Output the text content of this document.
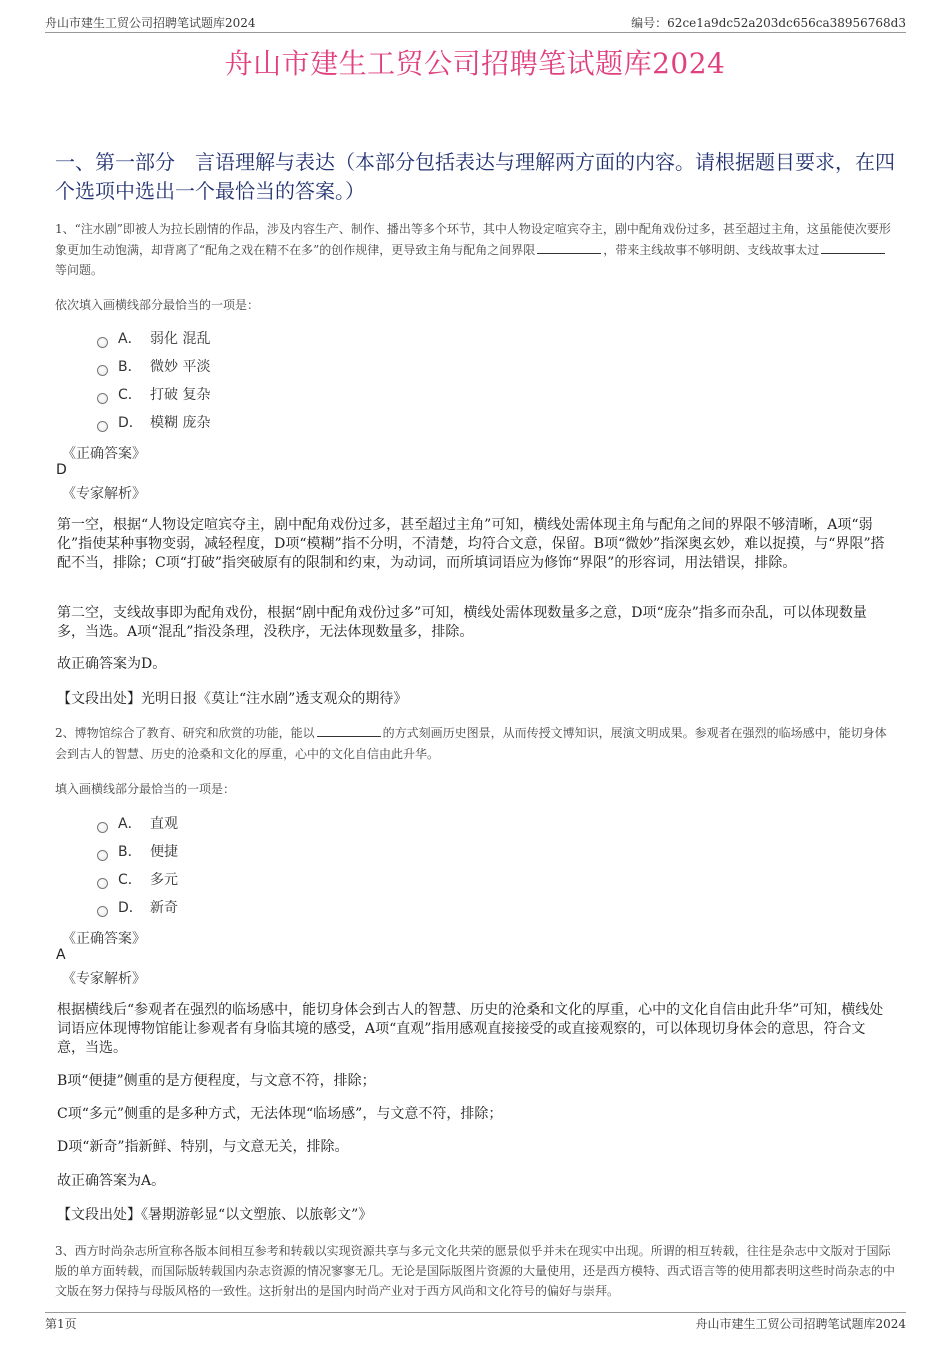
舟山市建生工贸公司招聘笔试题库2024	编号：62ce1a9dc52a203dc656ca38956768d3
舟山市建生工贸公司招聘笔试题库2024
一、第一部分　言语理解与表达（本部分包括表达与理解两方面的内容。请根据题目要求，在四个选项中选出一个最恰当的答案。）
1、“注水剧”即被人为拉长剧情的作品，涉及内容生产、制作、播出等多个环节，其中人物设定喧宾夺主，剧中配角戏份过多，甚至超过主角，这虽能使次要形象更加生动饱满，却背离了“配角之戏在精不在多”的创作规律，更导致主角与配角之间界限	，带来主线故事不够明朗、支线故事太过等问题。
依次填入画横线部分最恰当的一项是：
A． 弱化 混乱
B． 微妙 平淡
C． 打破 复杂
D． 模糊 庞杂
《正确答案》
D
《专家解析》
第一空，根据“人物设定喧宾夺主，剧中配角戏份过多，甚至超过主角”可知，横线处需体现主角与配角之间的界限不够清晰，A项“弱化”指使某种事物变弱，减轻程度，D项“模糊”指不分明，不清楚，均符合文意，保留。B项“微妙”指深奥玄妙，难以捉摸，与“界限”搭配不当，排除；C项“打破”指突破原有的限制和约束，为动词，而所填词语应为修饰“界限”的形容词，用法错误，排除。
第二空，支线故事即为配角戏份，根据“剧中配角戏份过多”可知，横线处需体现数量多之意，D项“庞杂”指多而杂乱，可以体现数量多，当选。A项“混乱”指没条理，没秩序，无法体现数量多，排除。
故正确答案为D。
【文段出处】光明日报《莫让“注水剧”透支观众的期待》
2、博物馆综合了教育、研究和欣赏的功能，能以	的方式刻画历史图景，从而传授文博知识，展演文明成果。参观者在强烈的临场感中，能切身体会到古人的智慧、历史的沧桑和文化的厚重，心中的文化自信由此升华。
填入画横线部分最恰当的一项是：
A． 直观
B． 便捷
C． 多元
D． 新奇
《正确答案》
A
《专家解析》
根据横线后“参观者在强烈的临场感中，能切身体会到古人的智慧、历史的沧桑和文化的厚重，心中的文化自信由此升华”可知，横线处词语应体现博物馆能让参观者有身临其境的感受，A项“直观”指用感观直接接受的或直接观察的，可以体现切身体会的意思，符合文意，当选。
B项“便捷”侧重的是方便程度，与文意不符，排除；
C项“多元”侧重的是多种方式，无法体现“临场感”，与文意不符，排除；
D项“新奇”指新鲜、特别，与文意无关，排除。
故正确答案为A。
【文段出处】《暑期游彰显“以文塑旅、以旅彰文”》
3、西方时尚杂志所宣称各版本间相互参考和转载以实现资源共享与多元文化共荣的愿景似乎并未在现实中出现。所谓的相互转载，往往是杂志中文版对于国际版的单方面转载，而国际版转载国内杂志资源的情况寥寥无几。无论是国际版图片资源的大量使用，还是西方模特、西式语言等的使用都表明这些时尚杂志的中文版在努力保持与母版风格的一致性。这折射出的是国内时尚产业对于西方风尚和文化符号的偏好与崇拜。
第1页	舟山市建生工贸公司招聘笔试题库2024
